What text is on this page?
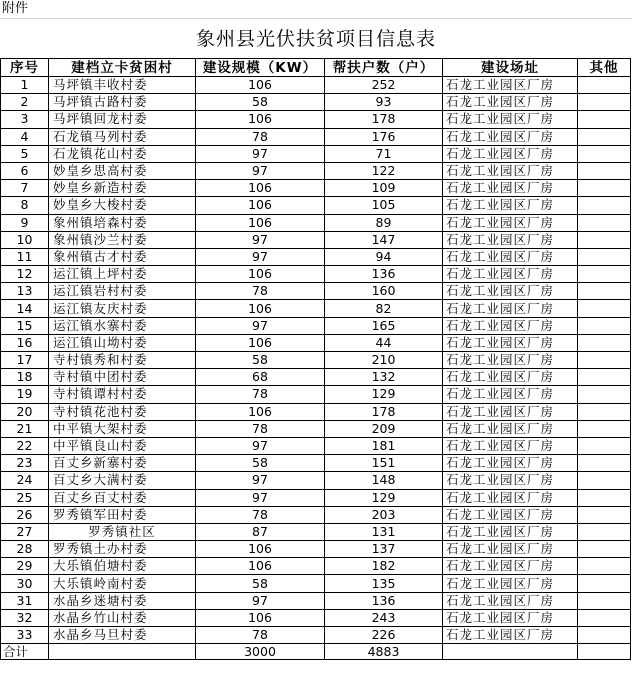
附件
象州县光伏扶贫项目信息表
序号	建档立卡贫困村	建设规模（KW）	帮扶户数（户）	建设场址	其他
1	马坪镇丰收村委	106	252	石龙工业园区厂房	
2	马坪镇古路村委	58	93	石龙工业园区厂房	
3	马坪镇回龙村委	106	178	石龙工业园区厂房	
4	石龙镇马列村委	78	176	石龙工业园区厂房	
5	石龙镇花山村委	97	71	石龙工业园区厂房	
6	妙皇乡思高村委	97	122	石龙工业园区厂房	
7	妙皇乡新造村委	106	109	石龙工业园区厂房	
8	妙皇乡大梭村委	106	105	石龙工业园区厂房	
9	象州镇培森村委	106	89	石龙工业园区厂房	
10	象州镇沙兰村委	97	147	石龙工业园区厂房	
11	象州镇古才村委	97	94	石龙工业园区厂房	
12	运江镇上坪村委	106	136	石龙工业园区厂房	
13	运江镇岩村村委	78	160	石龙工业园区厂房	
14	运江镇友庆村委	106	82	石龙工业园区厂房	
15	运江镇水寨村委	97	165	石龙工业园区厂房	
16	运江镇山坳村委	106	44	石龙工业园区厂房	
17	寺村镇秀和村委	58	210	石龙工业园区厂房	
18	寺村镇中团村委	68	132	石龙工业园区厂房	
19	寺村镇谭村村委	78	129	石龙工业园区厂房	
20	寺村镇花池村委	106	178	石龙工业园区厂房	
21	中平镇大架村委	78	209	石龙工业园区厂房	
22	中平镇良山村委	97	181	石龙工业园区厂房	
23	百丈乡新寨村委	58	151	石龙工业园区厂房	
24	百丈乡大满村委	97	148	石龙工业园区厂房	
25	百丈乡百丈村委	97	129	石龙工业园区厂房	
26	罗秀镇军田村委	78	203	石龙工业园区厂房	
27	罗秀镇社区	87	131	石龙工业园区厂房	
28	罗秀镇土办村委	106	137	石龙工业园区厂房	
29	大乐镇伯塘村委	106	182	石龙工业园区厂房	
30	大乐镇岭南村委	58	135	石龙工业园区厂房	
31	水晶乡迷塘村委	97	136	石龙工业园区厂房	
32	水晶乡竹山村委	106	243	石龙工业园区厂房	
33	水晶乡马旦村委	78	226	石龙工业园区厂房	
合计		3000	4883		
